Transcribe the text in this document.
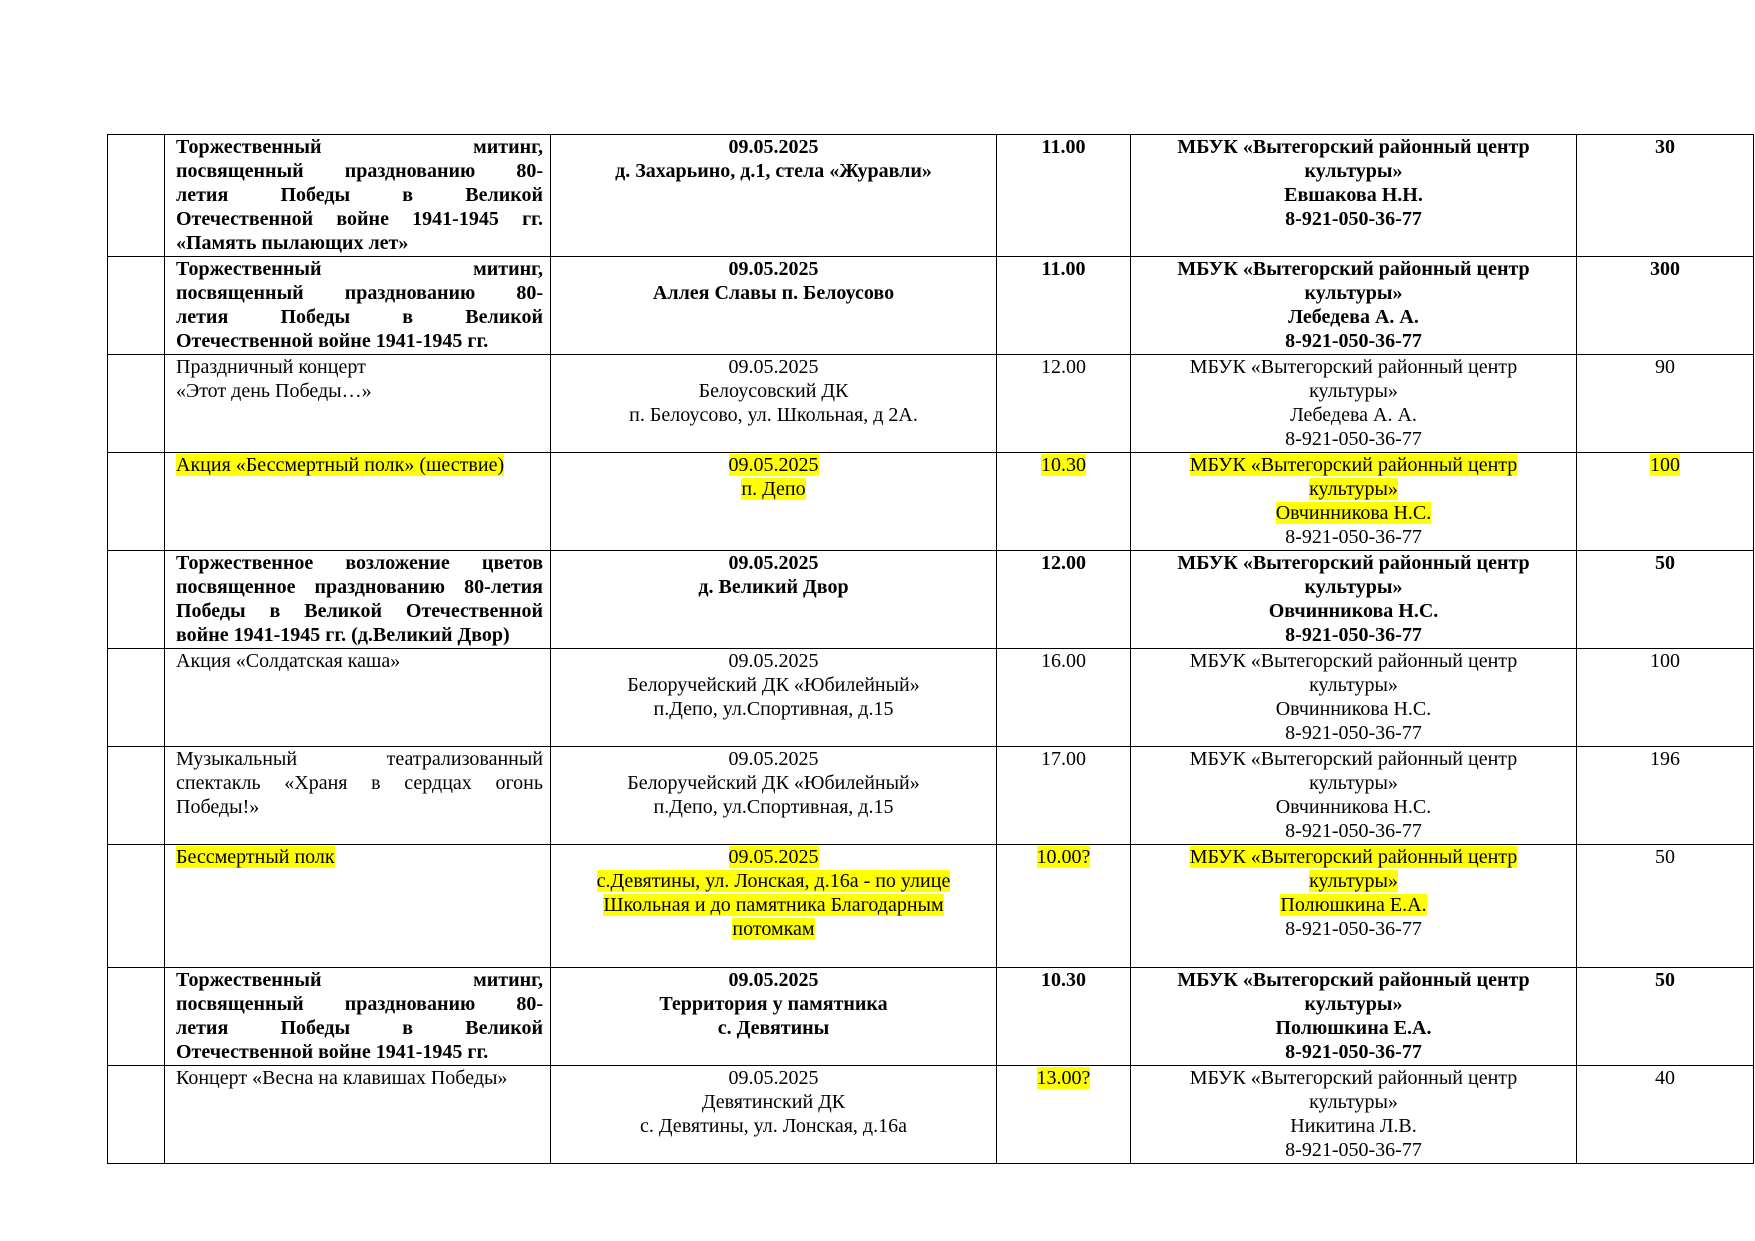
	Торжественный митинг,
посвященный празднованию 80-
летия Победы в Великой
Отечественной войне 1941-1945 гг.
«Память пылающих лет»	09.05.2025
д. Захарьино, д.1, стела «Журавли»	11.00	МБУК «Вытегорский районный центр
культуры»
Евшакова Н.Н.
8-921-050-36-77	30

	Торжественный митинг,
посвященный празднованию 80-
летия Победы в Великой
Отечественной войне 1941-1945 гг.	09.05.2025
Аллея Славы п. Белоусово	11.00	МБУК «Вытегорский районный центр
культуры»
Лебедева А. А.
8-921-050-36-77	300

	Праздничный концерт
«Этот день Победы…»	09.05.2025
Белоусовский ДК
п. Белоусово, ул. Школьная, д 2А.	12.00	МБУК «Вытегорский районный центр
культуры»
Лебедева А. А.
8-921-050-36-77	90

	Акция «Бессмертный полк» (шествие)	09.05.2025
п. Депо	10.30	МБУК «Вытегорский районный центр
культуры»
Овчинникова Н.С.
8-921-050-36-77	100

	Торжественное возложение цветов
посвященное празднованию 80-летия
Победы в Великой Отечественной
войне 1941-1945 гг. (д.Великий Двор)	09.05.2025
д. Великий Двор	12.00	МБУК «Вытегорский районный центр
культуры»
Овчинникова Н.С.
8-921-050-36-77	50

	Акция «Солдатская каша»	09.05.2025
Белоручейский ДК «Юбилейный»
п.Депо, ул.Спортивная, д.15	16.00	МБУК «Вытегорский районный центр
культуры»
Овчинникова Н.С.
8-921-050-36-77	100

	Музыкальный театрализованный
спектакль «Храня в сердцах огонь
Победы!»	09.05.2025
Белоручейский ДК «Юбилейный»
п.Депо, ул.Спортивная, д.15	17.00	МБУК «Вытегорский районный центр
культуры»
Овчинникова Н.С.
8-921-050-36-77	196

	Бессмертный полк	09.05.2025
с.Девятины, ул. Лонская, д.16а - по улице
Школьная и до памятника Благодарным
потомкам	10.00?	МБУК «Вытегорский районный центр
культуры»
Полюшкина Е.А.
8-921-050-36-77	50

	Торжественный митинг,
посвященный празднованию 80-
летия Победы в Великой
Отечественной войне 1941-1945 гг.	09.05.2025
Территория у памятника
с. Девятины	10.30	МБУК «Вытегорский районный центр
культуры»
Полюшкина Е.А.
8-921-050-36-77	50

	Концерт «Весна на клавишах Победы»	09.05.2025
Девятинский ДК
с. Девятины, ул. Лонская, д.16а	13.00?	МБУК «Вытегорский районный центр
культуры»
Никитина Л.В.
8-921-050-36-77	40
